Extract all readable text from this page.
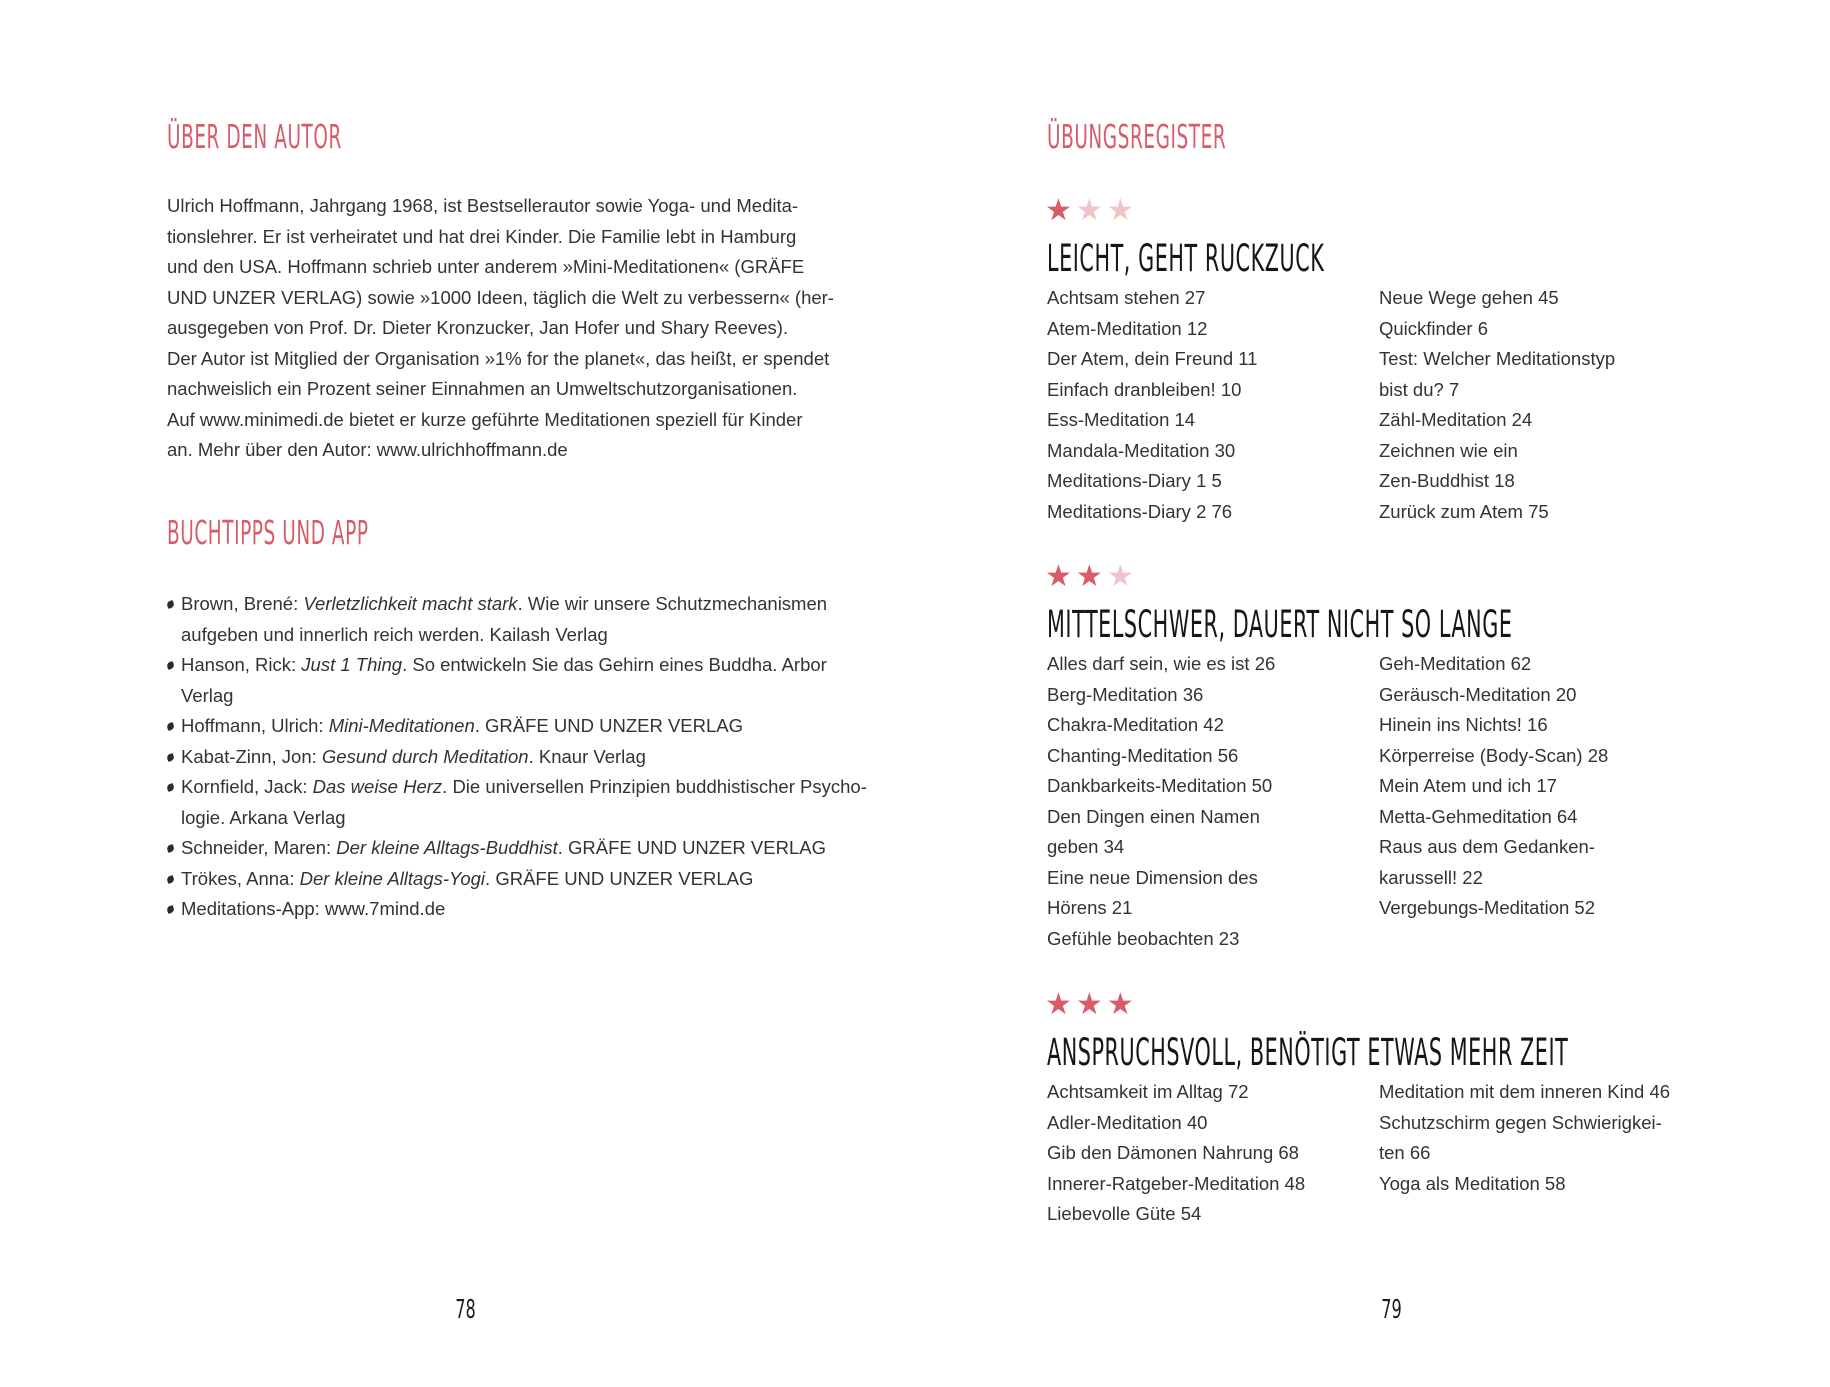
ÜBER DEN AUTOR
Ulrich Hoffmann, Jahrgang 1968, ist Bestsellerautor sowie Yoga- und Medita-
tionslehrer. Er ist verheiratet und hat drei Kinder. Die Familie lebt in Hamburg
und den USA. Hoffmann schrieb unter anderem »Mini-Meditationen« (GRÄFE
UND UNZER VERLAG) sowie »1000 Ideen, täglich die Welt zu verbessern« (her-
ausgegeben von Prof. Dr. Dieter Kronzucker, Jan Hofer und Shary Reeves).
Der Autor ist Mitglied der Organisation »1% for the planet«, das heißt, er spendet
nachweislich ein Prozent seiner Einnahmen an Umweltschutzorganisationen.
Auf www.minimedi.de bietet er kurze geführte Meditationen speziell für Kinder
an. Mehr über den Autor: www.ulrichhoffmann.de
BUCHTIPPS UND APP
Brown, Brené: Verletzlichkeit macht stark. Wie wir unsere Schutzmechanismen
aufgeben und innerlich reich werden. Kailash Verlag
Hanson, Rick: Just 1 Thing. So entwickeln Sie das Gehirn eines Buddha. Arbor
Verlag
Hoffmann, Ulrich: Mini-Meditationen. GRÄFE UND UNZER VERLAG
Kabat-Zinn, Jon: Gesund durch Meditation. Knaur Verlag
Kornfield, Jack: Das weise Herz. Die universellen Prinzipien buddhistischer Psycho-
logie. Arkana Verlag
Schneider, Maren: Der kleine Alltags-Buddhist. GRÄFE UND UNZER VERLAG
Trökes, Anna: Der kleine Alltags-Yogi. GRÄFE UND UNZER VERLAG
Meditations-App: www.7mind.de
78
ÜBUNGSREGISTER
★ ★ ★
LEICHT, GEHT RUCKZUCK
Achtsam stehen 27
Atem-Meditation 12
Der Atem, dein Freund 11
Einfach dranbleiben! 10
Ess-Meditation 14
Mandala-Meditation 30
Meditations-Diary 1 5
Meditations-Diary 2 76
Neue Wege gehen 45
Quickfinder 6
Test: Welcher Meditationstyp
bist du? 7
Zähl-Meditation 24
Zeichnen wie ein
Zen-Buddhist 18
Zurück zum Atem 75
★ ★ ★
MITTELSCHWER, DAUERT NICHT SO LANGE
Alles darf sein, wie es ist 26
Berg-Meditation 36
Chakra-Meditation 42
Chanting-Meditation 56
Dankbarkeits-Meditation 50
Den Dingen einen Namen
geben 34
Eine neue Dimension des
Hörens 21
Gefühle beobachten 23
Geh-Meditation 62
Geräusch-Meditation 20
Hinein ins Nichts! 16
Körperreise (Body-Scan) 28
Mein Atem und ich 17
Metta-Gehmeditation 64
Raus aus dem Gedanken-
karussell! 22
Vergebungs-Meditation 52
★ ★ ★
ANSPRUCHSVOLL, BENÖTIGT ETWAS MEHR ZEIT
Achtsamkeit im Alltag 72
Adler-Meditation 40
Gib den Dämonen Nahrung 68
Innerer-Ratgeber-Meditation 48
Liebevolle Güte 54
Meditation mit dem inneren Kind 46
Schutzschirm gegen Schwierigkei-
ten 66
Yoga als Meditation 58
79
